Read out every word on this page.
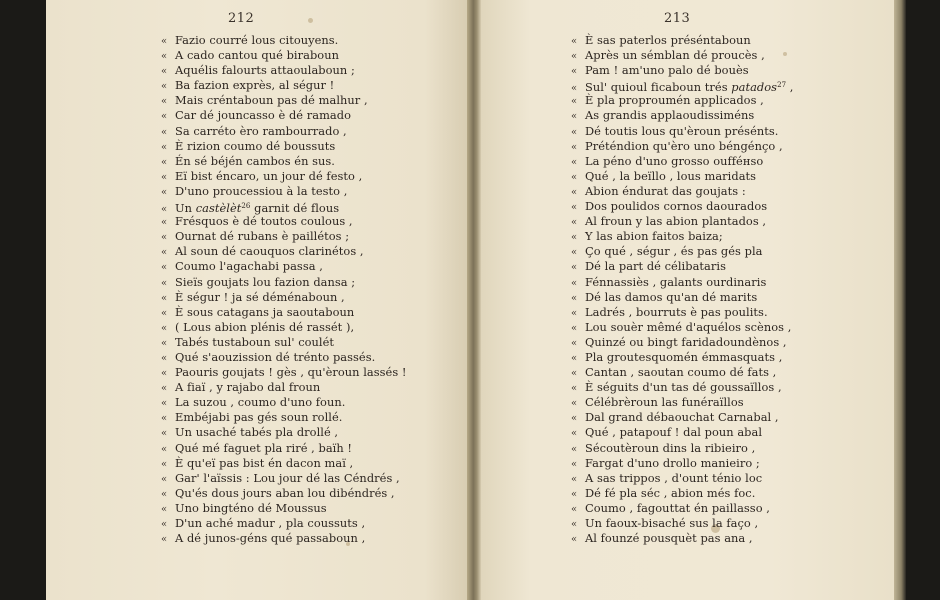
212
« Fazio courré lous citouyens.
« A cado cantou qué biraboun
« Aquélis falourts attaoulaboun ;
« Ba fazion exprès, al ségur !
« Mais créntaboun pas dé malhur ,
« Car dé jouncasso è dé ramado
« Sa carréto èro rambourrado ,
« È rizion coumo dé boussuts
« Én sé béjén cambos én sus.
« Eï bist éncaro, un jour dé festo ,
« D'uno proucessiou à la testo ,
« Un castèlèt$^{26}$ garnit dé flous
« Frésquos è dé toutos coulous ,
« Ournat dé rubans è paillétos ;
« Al soun dé caouquos clarinétos ,
« Coumo l'agachabi passa ,
« Sieïs goujats lou fazion dansa ;
« È ségur ! ja sé déménaboun ,
« È sous catagans ja saoutaboun
« ( Lous abion plénis dé rassét ),
« Tabés tustaboun sul' coulét
« Qué s'aouzission dé trénto passés.
« Paouris goujats ! gès , qu'èroun lassés !
« A fiaï , y rajabo dal froun
« La suzou , coumo d'uno foun.
« Embéjabi pas gés soun rollé.
« Un usaché tabés pla drollé ,
« Qué mé faguet pla riré , baïh !
« È qu'eï pas bist én dacon maï ,
« Gar' l'aïssis : Lou jour dé las Céndrés ,
« Qu'és dous jours aban lou dibéndrés ,
« Uno bingténo dé Moussus
« D'un aché madur , pla coussuts ,
« A dé junos-géns qué passaboun ,
213
« È sas paterlos préséntaboun
« Après un sémblan dé proucès ,
« Pam ! am'uno palo dé bouès
« Sul' quioul ficaboun trés patados$^{27}$ ,
« È pla proproumén applicados ,
« As grandis applaoudissiméns
« Dé toutis lous qu'èroun présénts.
« Préténdion qu'èro uno béngénço ,
« La péno d'uno grosso oufféнso
« Qué , la beïllo , lous maridats
« Abion éndurat das goujats :
« Dos poulidos cornos daourados
« Al froun y las abion plantados ,
« Y las abion faitos baiza;
« Ço qué , ségur , és pas gés pla
« Dé la part dé célibataris
« Fénnassiès , galants ourdinaris
« Dé las damos qu'an dé marits
« Ladrés , bourruts è pas poulits.
« Lou souèr mêmé d'aquélos scènos ,
« Quinzé ou bingt faridadoundènos ,
« Pla groutesquomén émmasquats ,
« Cantan , saoutan coumo dé fats ,
« È séguits d'un tas dé goussaïllos ,
« Célébrèroun las funéraïllos
« Dal grand débaouchat Carnabal ,
« Qué , patapouf ! dal poun abal
« Sécoutèroun dins la ribieiro ,
« Fargat d'uno drollo manieiro ;
« A sas trippos , d'ount ténio loc
« Dé fé pla séc , abion més foc.
« Coumo , fagouttat én paillasso ,
« Un faoux-bisaché sus la faço ,
« Al founzé pousquèt pas ana ,
